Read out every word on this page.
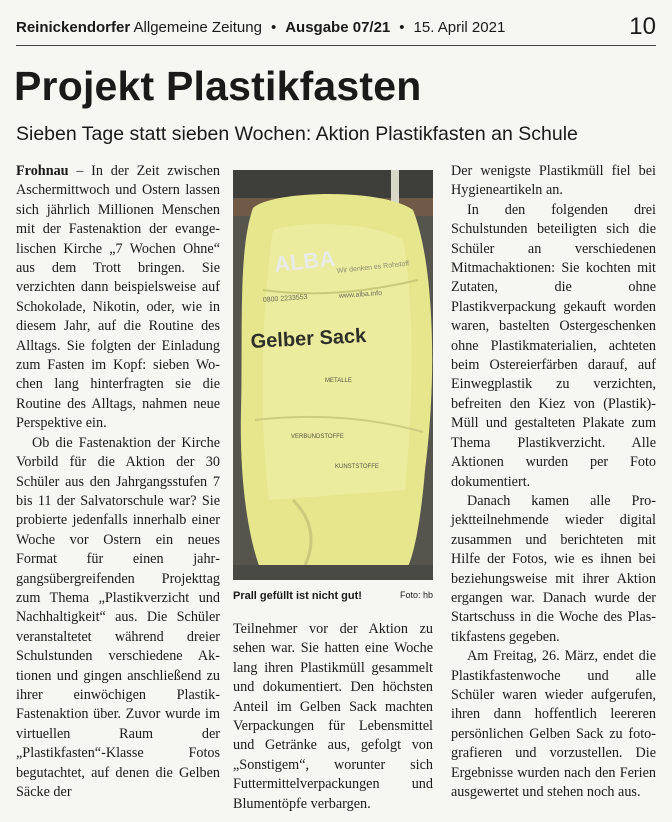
Reinickendorfer Allgemeine Zeitung • Ausgabe 07/21 • 15. April 2021	10
Projekt Plastikfasten
Sieben Tage statt sieben Wochen: Aktion Plastikfasten an Schule

Frohnau – In der Zeit zwischen Aschermittwoch und Ostern lassen sich jährlich Millionen Menschen mit der Fastenaktion der evangelischen Kirche „7 Wochen Ohne“ aus dem Trott bringen. Sie verzichten dann beispielsweise auf Schokolade, Nikotin, oder, wie in diesem Jahr, auf die Routine des Alltags. Sie folgten der Einladung zum Fasten im Kopf: sieben Wochen lang hinterfragten sie die Routine des Alltags, nahmen neue Perspektive ein.

Ob die Fastenaktion der Kirche Vorbild für die Aktion der 30 Schüler aus den Jahrgangsstufen 7 bis 11 der Salvatorschule war? Sie probierte jedenfalls innerhalb einer Woche vor Ostern ein neues Format für einen jahrgangsübergreifenden Projekttag zum Thema „Plastikverzicht und Nachhaltigkeit“ aus. Die Schüler veranstaltetet während dreier Schulstunden verschiedene Aktionen und gingen anschließend zu ihrer einwöchigen Plastik-Fastenaktion über. Zuvor wurde im virtuellen Raum der „Plastikfasten“-Klasse Fotos begutachtet, auf denen die Gelben Säcke der

ALBA Wir denken es Rohstoff
0800 2233553	www.alba.info
Gelber Sack
METALLE
VERBUNDSTOFFE
KUNSTSTOFFE
Prall gefüllt ist nicht gut!	Foto: hb

Teilnehmer vor der Aktion zu sehen war. Sie hatten eine Woche lang ihren Plastikmüll gesammelt und dokumentiert. Den höchsten Anteil im Gelben Sack machten Verpackungen für Lebensmittel und Getränke aus, gefolgt von „Sonstigem“, worunter sich Futtermittelverpackungen und Blumentöpfe verbargen.

Der wenigste Plastikmüll fiel bei Hygieneartikeln an.

In den folgenden drei Schulstunden beteiligten sich die Schüler an verschiedenen Mitmachaktionen: Sie kochten mit Zutaten, die ohne Plastikverpackung gekauft worden waren, bastelten Ostergeschenken ohne Plastikmaterialien, achteten beim Ostereierfärben darauf, auf Einwegplastik zu verzichten, befreiten den Kiez von (Plastik)-Müll und gestalteten Plakate zum Thema Plastikverzicht. Alle Aktionen wurden per Foto dokumentiert.

Danach kamen alle Projektteilnehmende wieder digital zusammen und berichteten mit Hilfe der Fotos, wie es ihnen bei beziehungsweise mit ihrer Aktion ergangen war. Danach wurde der Startschuss in die Woche des Plastikfastens gegeben.

Am Freitag, 26. März, endet die Plastikfastenwoche und alle Schüler waren wieder aufgerufen, ihren dann hoffentlich leereren persönlichen Gelben Sack zu fotografieren und vorzustellen. Die Ergebnisse wurden nach den Ferien ausgewertet und stehen noch aus.
